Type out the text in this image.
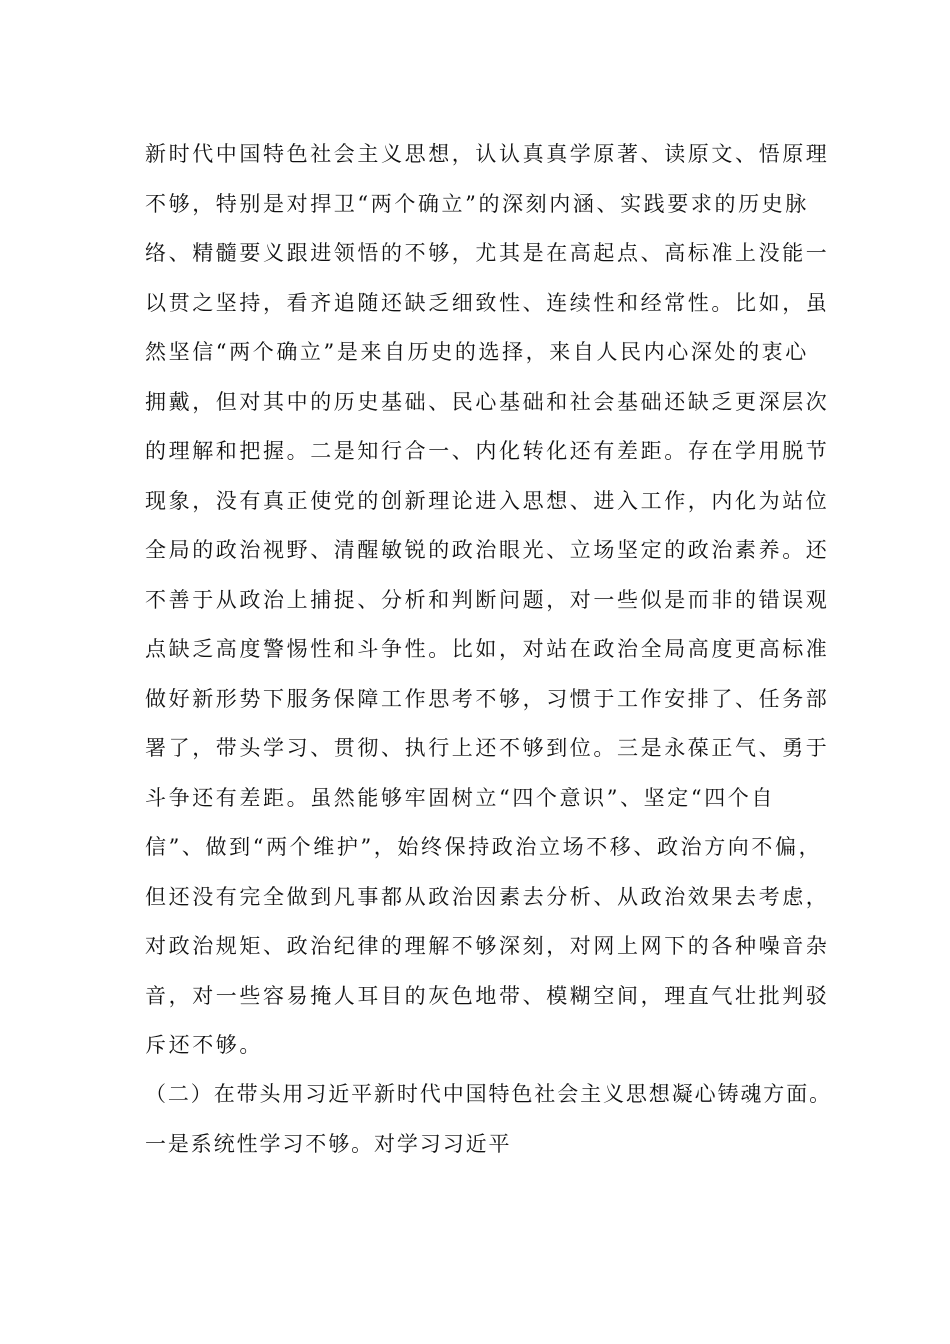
新时代中国特色社会主义思想，认认真真学原著、读原文、悟原理
不够，特别是对捍卫“两个确立”的深刻内涵、实践要求的历史脉
络、精髓要义跟进领悟的不够，尤其是在高起点、高标准上没能一
以贯之坚持，看齐追随还缺乏细致性、连续性和经常性。比如，虽
然坚信“两个确立”是来自历史的选择，来自人民内心深处的衷心
拥戴，但对其中的历史基础、民心基础和社会基础还缺乏更深层次
的理解和把握。二是知行合一、内化转化还有差距。存在学用脱节
现象，没有真正使党的创新理论进入思想、进入工作，内化为站位
全局的政治视野、清醒敏锐的政治眼光、立场坚定的政治素养。还
不善于从政治上捕捉、分析和判断问题，对一些似是而非的错误观
点缺乏高度警惕性和斗争性。比如，对站在政治全局高度更高标准
做好新形势下服务保障工作思考不够，习惯于工作安排了、任务部
署了，带头学习、贯彻、执行上还不够到位。三是永葆正气、勇于
斗争还有差距。虽然能够牢固树立“四个意识”、坚定“四个自
信”、做到“两个维护”，始终保持政治立场不移、政治方向不偏，
但还没有完全做到凡事都从政治因素去分析、从政治效果去考虑，
对政治规矩、政治纪律的理解不够深刻，对网上网下的各种噪音杂
音，对一些容易掩人耳目的灰色地带、模糊空间，理直气壮批判驳
斥还不够。
（二）在带头用习近平新时代中国特色社会主义思想凝心铸魂方面。
一是系统性学习不够。对学习习近平
